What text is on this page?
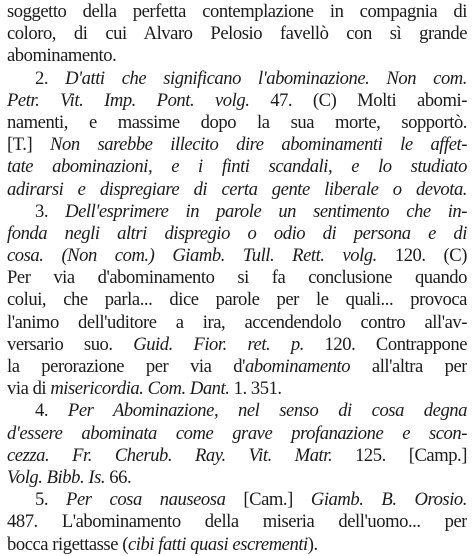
soggetto della perfetta contemplazione in compagnia di
coloro, di cui Alvaro Pelosio favellò con sì grande
abominamento.
2. D'atti che significano l'abominazione. Non com.
Petr. Vit. Imp. Pont. volg. 47. (C) Molti abomi-
namenti, e massime dopo la sua morte, sopportò.
[T.] Non sarebbe illecito dire abominamenti le affet-
tate abominazioni, e i finti scandali, e lo studiato
adirarsi e dispregiare di certa gente liberale o devota.
3. Dell'esprimere in parole un sentimento che in-
fonda negli altri dispregio o odio di persona e di
cosa. (Non com.) Giamb. Tull. Rett. volg. 120. (C)
Per via d'abominamento si fa conclusione quando
colui, che parla... dice parole per le quali... provoca
l'animo dell'uditore a ira, accendendolo contro all'av-
versario suo. Guid. Fior. ret. p. 120. Contrappone
la perorazione per via d'abominamento all'altra per
via di misericordia. Com. Dant. 1. 351.
4. Per Abominazione, nel senso di cosa degna
d'essere abominata come grave profanazione e scon-
cezza. Fr. Cherub. Ray. Vit. Matr. 125. [Camp.]
Volg. Bibb. Is. 66.
5. Per cosa nauseosa [Cam.] Giamb. B. Orosio.
487. L'abominamento della miseria dell'uomo... per
bocca rigettasse (cibi fatti quasi escrementi).
